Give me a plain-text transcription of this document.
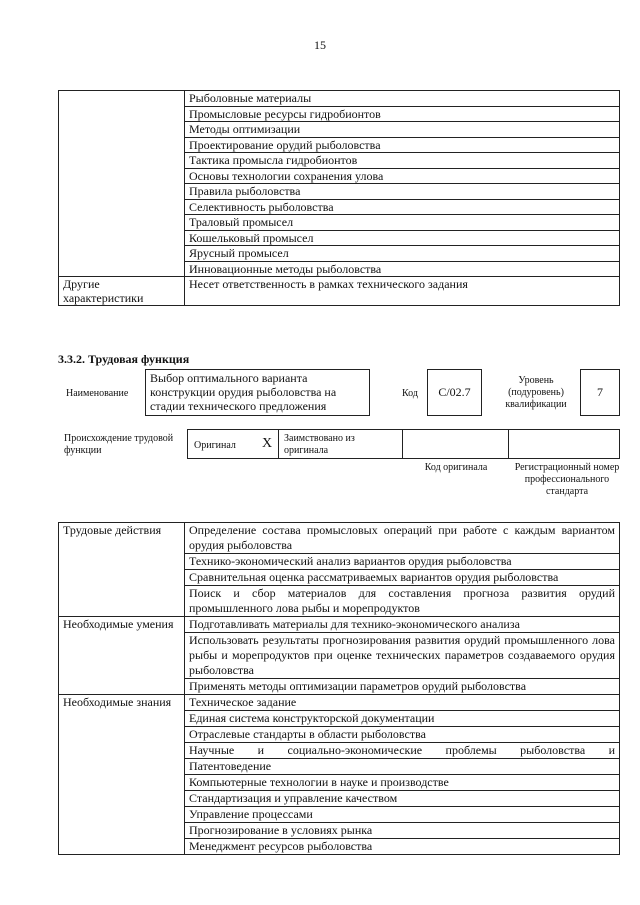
15
	Рыболовные материалы
	Промысловые ресурсы гидробионтов
	Методы оптимизации
	Проектирование орудий рыболовства
	Тактика промысла гидробионтов
	Основы технологии сохранения улова
	Правила рыболовства
	Селективность рыболовства
	Траловый промысел
	Кошельковый промысел
	Ярусный промысел
	Инновационные методы рыболовства
Другие характеристики	Несет ответственность в рамках технического задания
3.3.2. Трудовая функция
Наименование
Выбор оптимального варианта конструкции орудия рыболовства на стадии технического предложения
Код	C/02.7
Уровень (подуровень) квалификации
7
Происхождение трудовой функции	Оригинал X Заимствовано из оригинала
Код оригинала	Регистрационный номер профессионального стандарта
Трудовые действия	Определение состава промысловых операций при работе с каждым вариантом орудия рыболовства
	Технико-экономический анализ вариантов орудия рыболовства
	Сравнительная оценка рассматриваемых вариантов орудия рыболовства
	Поиск и сбор материалов для составления прогноза развития орудий промышленного лова рыбы и морепродуктов
Необходимые умения	Подготавливать материалы для технико-экономического анализа
	Использовать результаты прогнозирования развития орудий промышленного лова рыбы и морепродуктов при оценке технических параметров создаваемого орудия рыболовства
	Применять методы оптимизации параметров орудий рыболовства
Необходимые знания	Техническое задание
	Единая система конструкторской документации
	Отраслевые стандарты в области рыболовства
	Научные и социально-экономические проблемы рыболовства и
	Патентоведение
	Компьютерные технологии в науке и производстве
	Стандартизация и управление качеством
	Управление процессами
	Прогнозирование в условиях рынка
	Менеджмент ресурсов рыболовства
